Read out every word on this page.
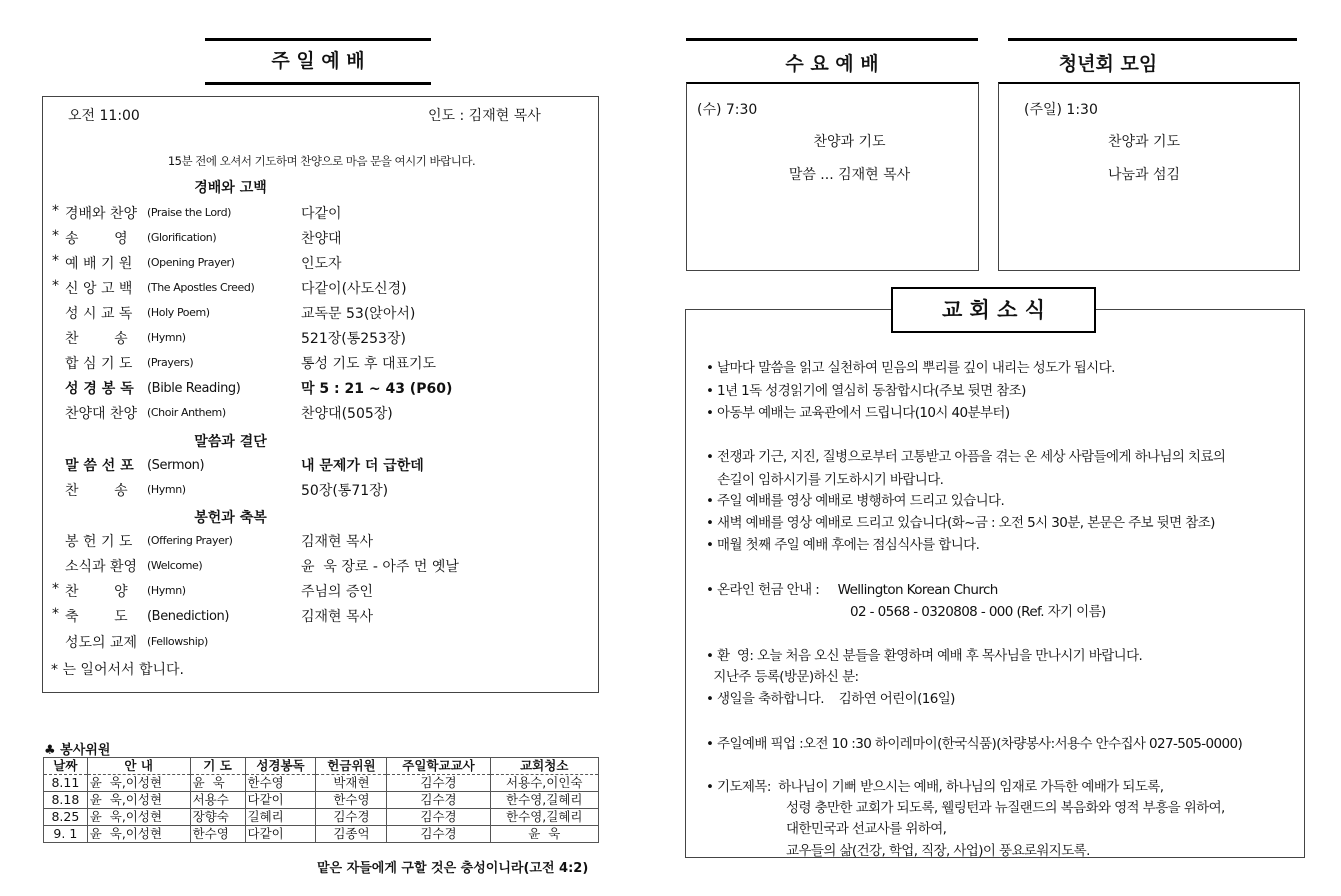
주 일 예 배
오전 11:00	인도 : 김재현 목사
15분 전에 오셔서 기도하며 찬양으로 마음 문을 여시기 바랍니다.
경배와 고백
* 경배와 찬양 (Praise the Lord)	다같이
* 송        영 (Glorification)	찬양대
* 예 배 기 원 (Opening Prayer)	인도자
* 신 앙 고 백 (The Apostles Creed)	다같이(사도신경)
성 시 교 독 (Holy Poem)	교독문 53(앉아서)
찬        송 (Hymn)	521장(통253장)
합 심 기 도 (Prayers)	통성 기도 후 대표기도
성 경 봉 독 (Bible Reading)	막 5 : 21 ~ 43 (P60)
찬양대 찬양 (Choir Anthem)	찬양대(505장)
말 씀 선 포 (Sermon)	내 문제가 더 급한데
찬        송 (Hymn)	50장(통71장)
봉 헌 기 도 (Offering Prayer)	김재현 목사
소식과 환영 (Welcome)	윤  욱 장로 - 아주 먼 옛날
* 찬        양 (Hymn)	주님의 증인
* 축        도 (Benediction)	김재현 목사
성도의 교제 (Fellowship)
말씀과 결단
봉헌과 축복
* 는 일어서서 합니다.
♣ 봉사위원
날짜	안 내	기 도	성경봉독	헌금위원	주일학교교사	교회청소
8.11	윤  욱,이성현	윤  욱	한수영	박재현	김수경	서용수,이인숙
8.18	윤  욱,이성현	서용수	다같이	한수영	김수경	한수영,길혜리
8.25	윤  욱,이성현	장향숙	길혜리	김수경	김수경	한수영,길혜리
9. 1	윤  욱,이성현	한수영	다같이	김종억	김수경	윤  욱
맡은 자들에게 구할 것은 충성이니라(고전 4:2)
수 요 예 배
(수) 7:30
찬양과 기도
말씀 ... 김재현 목사
청년회 모임
(주일) 1:30
찬양과 기도
나눔과 섬김
교 회 소 식
• 날마다 말씀을 읽고 실천하여 믿음의 뿌리를 깊이 내리는 성도가 됩시다.
• 1년 1독 성경읽기에 열심히 동참합시다(주보 뒷면 참조)
• 아동부 예배는 교육관에서 드립니다(10시 40분부터)
• 전쟁과 기근, 지진, 질병으로부터 고통받고 아픔을 겪는 온 세상 사람들에게 하나님의 치료의
손길이 임하시기를 기도하시기 바랍니다.
• 주일 예배를 영상 예배로 병행하여 드리고 있습니다.
• 새벽 예배를 영상 예배로 드리고 있습니다(화~금 : 오전 5시 30분, 본문은 주보 뒷면 참조)
• 매월 첫째 주일 예배 후에는 점심식사를 합니다.
• 온라인 헌금 안내 :     Wellington Korean Church
02 - 0568 - 0320808 - 000 (Ref. 자기 이름)
• 환  영: 오늘 처음 오신 분들을 환영하며 예배 후 목사님을 만나시기 바랍니다.
지난주 등록(방문)하신 분:
• 생일을 축하합니다.    김하연 어린이(16일)
• 주일예배 픽업 :오전 10 :30 하이레마이(한국식품)(차량봉사:서용수 안수집사 027-505-0000)
• 기도제목:  하나님이 기뻐 받으시는 예배, 하나님의 임재로 가득한 예배가 되도록,
성령 충만한 교회가 되도록, 웰링턴과 뉴질랜드의 복음화와 영적 부흥을 위하여,
대한민국과 선교사를 위하여,
교우들의 삶(건강, 학업, 직장, 사업)이 풍요로워지도록.
